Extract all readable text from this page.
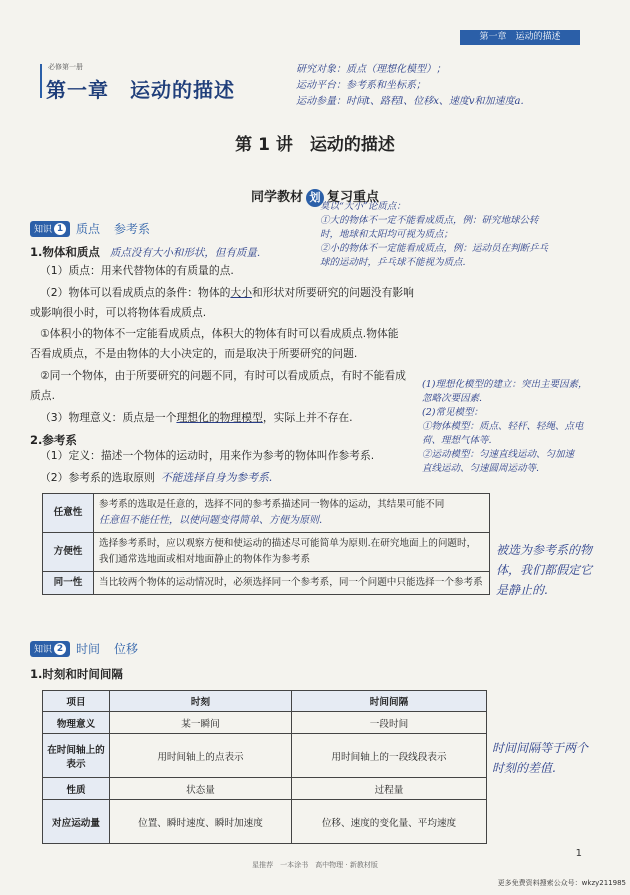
第一章　运动的描述
必修第一册
第一章　运动的描述
研究对象：质点（理想化模型）；
运动平台：参考系和坐标系；
运动参量：时间t、路程l、位移x、速度v和加速度a.
第 1 讲　运动的描述
同学教材 划 复习重点
莫以“大小”论质点：
①大的物体不一定不能看成质点，例：研究地球公转
时，地球和太阳均可视为质点；
②小的物体不一定能看成质点，例：运动员在判断乒乓
球的运动时，乒乓球不能视为质点.
知识 1 质点 参考系
1.物体和质点 质点没有大小和形状，但有质量.
（1）质点：用来代替物体的有质量的点.
（2）物体可以看成质点的条件：物体的大小和形状对所要研究的问题没有影响
或影响很小时，可以将物体看成质点.
①体积小的物体不一定能看成质点，体积大的物体有时可以看成质点.物体能
否看成质点，不是由物体的大小决定的，而是取决于所要研究的问题.
②同一个物体，由于所要研究的问题不同，有时可以看成质点，有时不能看成
质点.
（3）物理意义：质点是一个理想化的物理模型，实际上并不存在.
(1)理想化模型的建立：突出主要因素，
忽略次要因素.
(2)常见模型：
①物体模型：质点、轻杆、轻绳、点电
荷、理想气体等.
②运动模型：匀速直线运动、匀加速
直线运动、匀速圆周运动等.
2.参考系
（1）定义：描述一个物体的运动时，用来作为参考的物体叫作参考系.
（2）参考系的选取原则 不能选择自身为参考系.
任意性	参考系的选取是任意的，选择不同的参考系描述同一物体的运动，其结果可能不同
任意但不能任性，以使问题变得简单、方便为原则.

方便性	选择参考系时，应以观察方便和使运动的描述尽可能简单为原则.在研究地面上的问题时，我们通常选地面或相对地面静止的物体作为参考系
同一性	当比较两个物体的运动情况时，必须选择同一个参考系，同一个问题中只能选择一个参考系
被选为参考系的物
体，我们都假定它
是静止的.
知识 2 时间 位移
1.时刻和时间间隔
项目	时刻	时间间隔
物理意义	某一瞬间	一段时间
在时间轴上的表示	用时间轴上的点表示	用时间轴上的一段线段表示
性质	状态量	过程量
对应运动量	位置、瞬时速度、瞬时加速度	位移、速度的变化量、平均速度
时间间隔等于两个
时刻的差值.
1
星推荐　一本涂书　高中物理 · 新教材版
更多免费资料搜索公众号：wkzy211985
